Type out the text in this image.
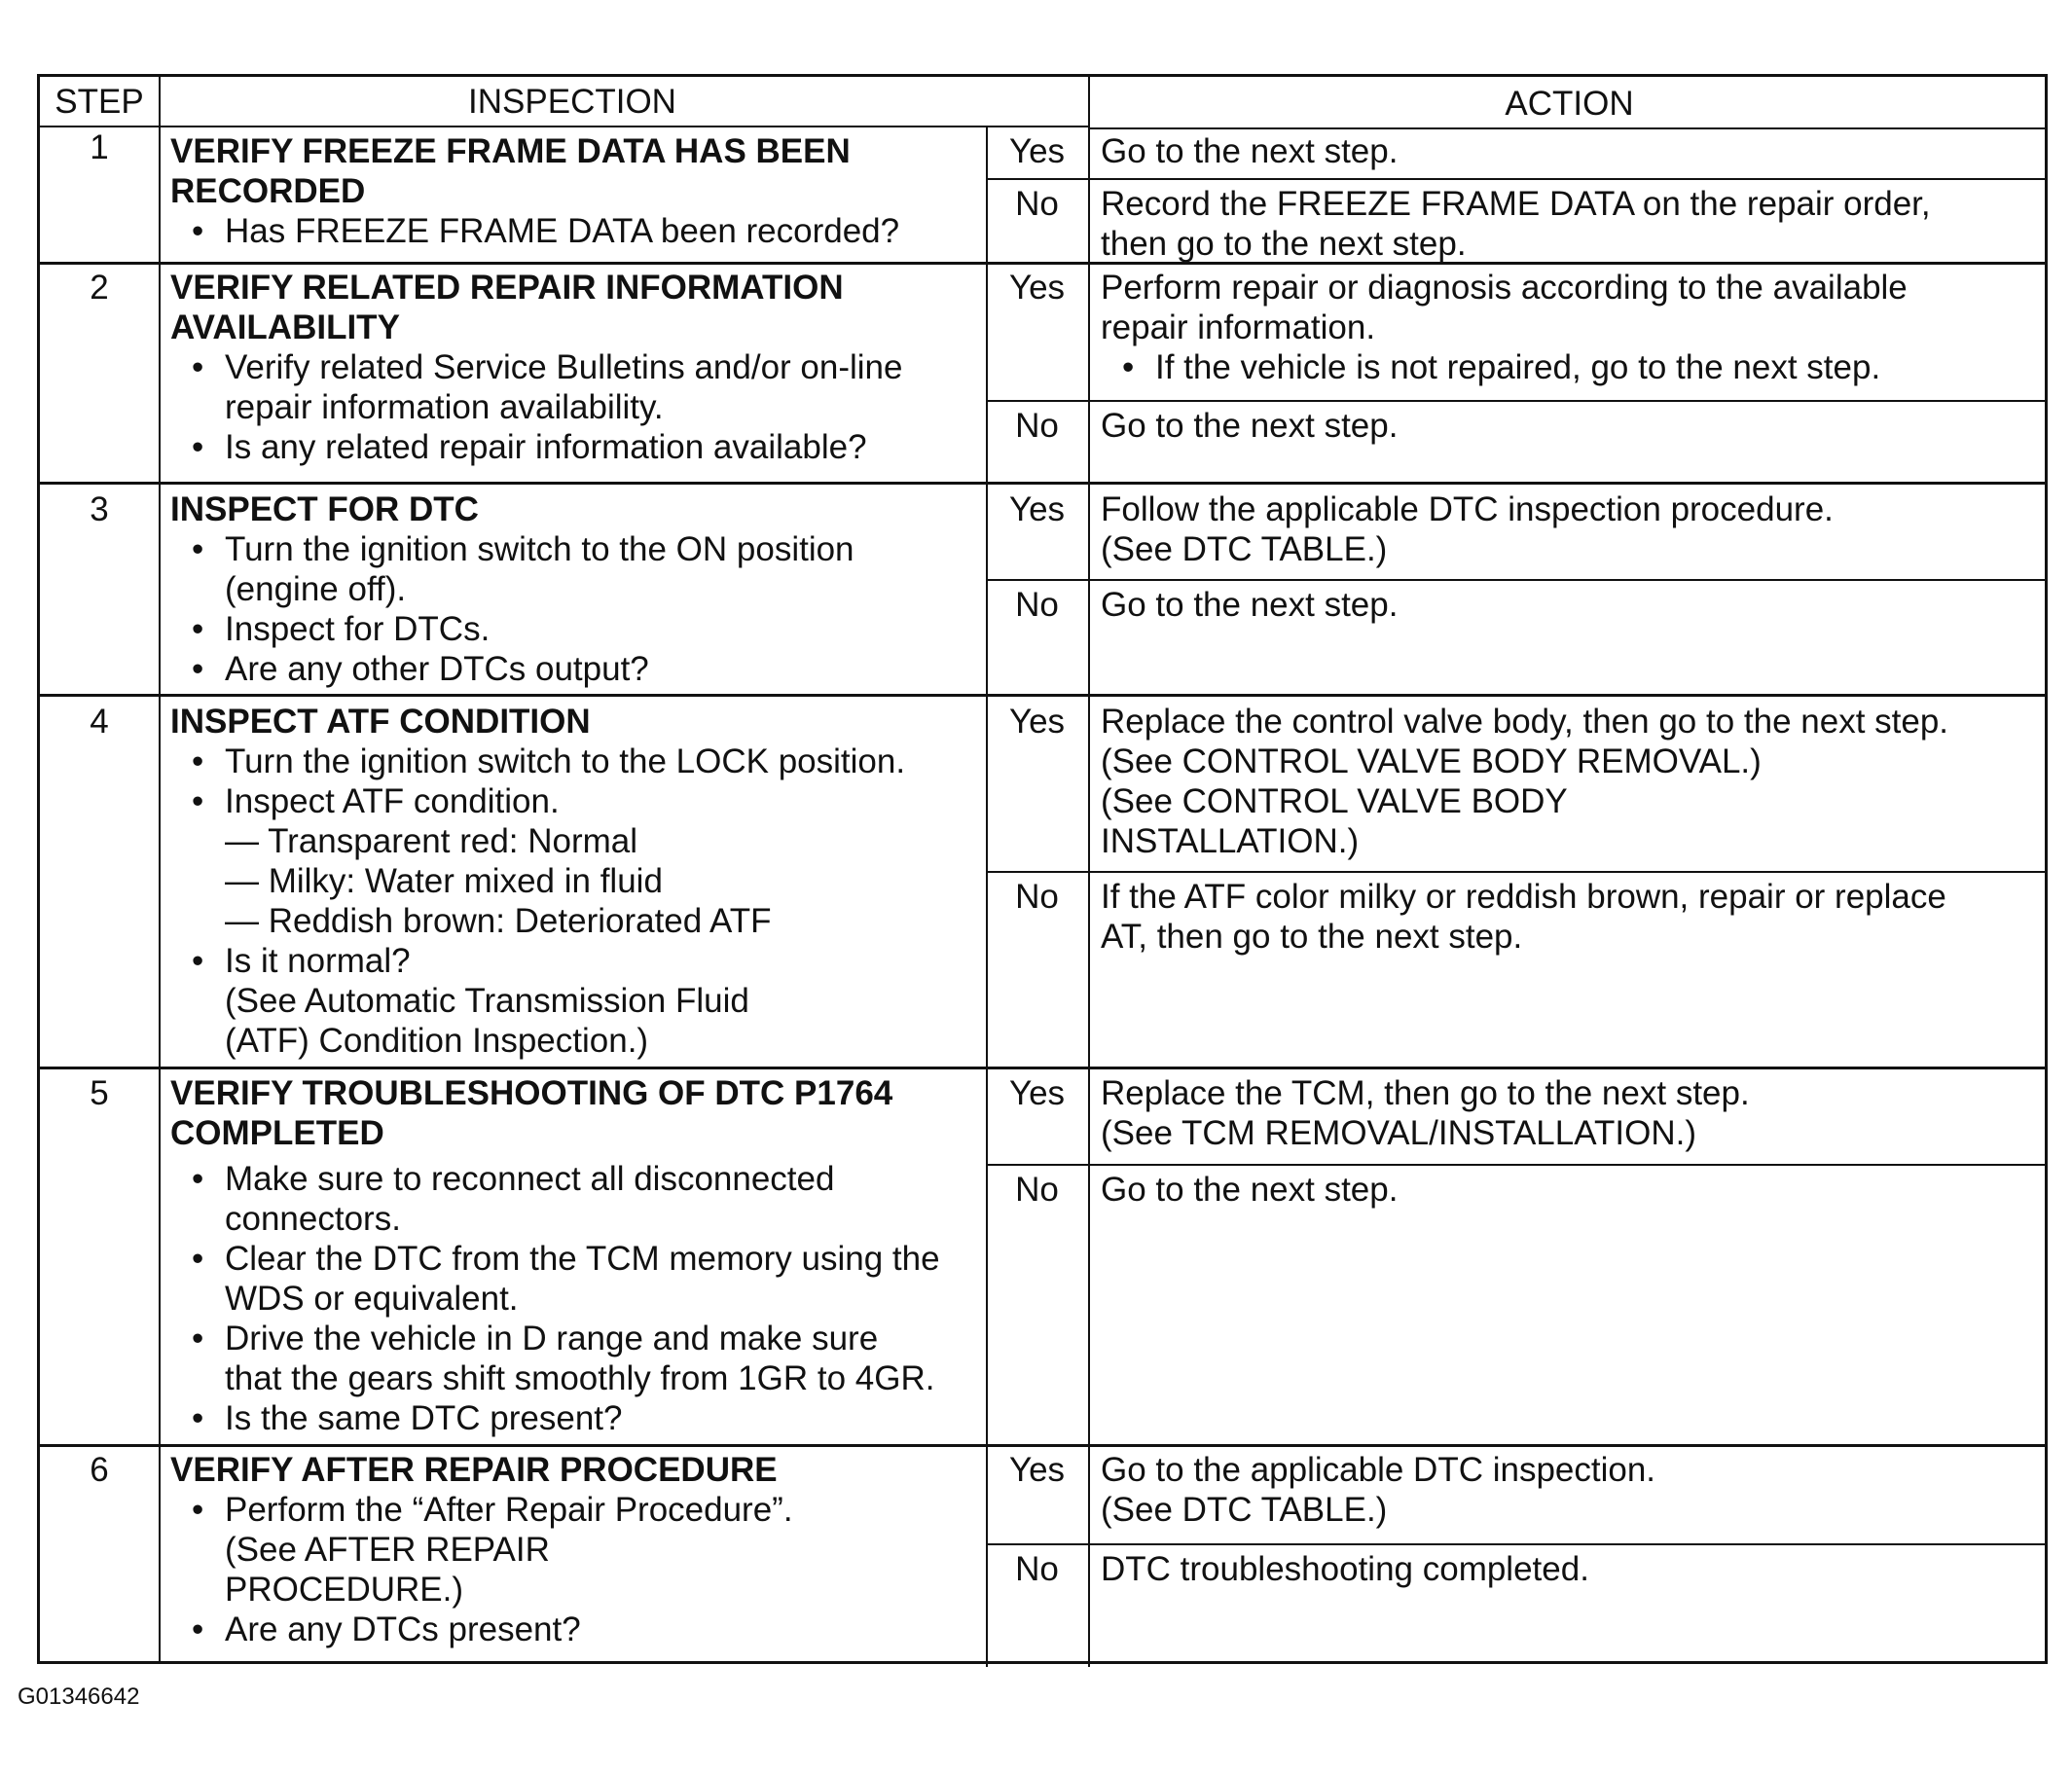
STEP	INSPECTION	ACTION
1	VERIFY FREEZE FRAME DATA HAS BEEN
RECORDED
• Has FREEZE FRAME DATA been recorded?
Yes	Go to the next step.
No	Record the FREEZE FRAME DATA on the repair order,
then go to the next step.
2	VERIFY RELATED REPAIR INFORMATION
AVAILABILITY
• Verify related Service Bulletins and/or on-line
repair information availability.
• Is any related repair information available?
Yes	Perform repair or diagnosis according to the available
repair information.
• If the vehicle is not repaired, go to the next step.
No	Go to the next step.
3	INSPECT FOR DTC
• Turn the ignition switch to the ON position
(engine off).
• Inspect for DTCs.
• Are any other DTCs output?
Yes	Follow the applicable DTC inspection procedure.
(See DTC TABLE.)
No	Go to the next step.
4	INSPECT ATF CONDITION
• Turn the ignition switch to the LOCK position.
• Inspect ATF condition.
— Transparent red: Normal
— Milky: Water mixed in fluid
— Reddish brown: Deteriorated ATF
• Is it normal?
(See Automatic Transmission Fluid
(ATF) Condition Inspection.)
Yes	Replace the control valve body, then go to the next step.
(See CONTROL VALVE BODY REMOVAL.)
(See CONTROL VALVE BODY
INSTALLATION.)
No	If the ATF color milky or reddish brown, repair or replace
AT, then go to the next step.
5	VERIFY TROUBLESHOOTING OF DTC P1764
COMPLETED
• Make sure to reconnect all disconnected
connectors.
• Clear the DTC from the TCM memory using the
WDS or equivalent.
• Drive the vehicle in D range and make sure
that the gears shift smoothly from 1GR to 4GR.
• Is the same DTC present?
Yes	Replace the TCM, then go to the next step.
(See TCM REMOVAL/INSTALLATION.)
No	Go to the next step.
6	VERIFY AFTER REPAIR PROCEDURE
• Perform the “After Repair Procedure”.
(See AFTER REPAIR
PROCEDURE.)
• Are any DTCs present?
Yes	Go to the applicable DTC inspection.
(See DTC TABLE.)
No	DTC troubleshooting completed.
G01346642
